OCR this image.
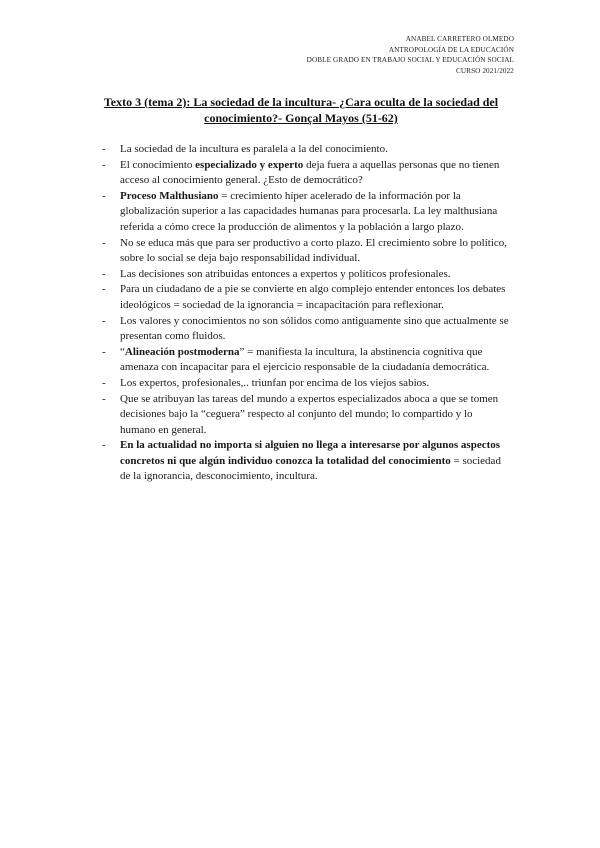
ANABEL CARRETERO OLMEDO
ANTROPOLOGÍA DE LA EDUCACIÓN
DOBLE GRADO EN TRABAJO SOCIAL Y EDUCACIÓN SOCIAL
CURSO 2021/2022
Texto 3 (tema 2): La sociedad de la incultura- ¿Cara oculta de la sociedad del conocimiento?- Gonçal Mayos (51-62)
- La sociedad de la incultura es paralela a la del conocimiento.
- El conocimiento especializado y experto deja fuera a aquellas personas que no tienen acceso al conocimiento general. ¿Esto de democrático?
- Proceso Malthusiano = crecimiento híper acelerado de la información por la globalización superior a las capacidades humanas para procesarla. La ley malthusiana referida a cómo crece la producción de alimentos y la población a largo plazo.
- No se educa más que para ser productivo a corto plazo. El crecimiento sobre lo político, sobre lo social se deja bajo responsabilidad individual.
- Las decisiones son atribuidas entonces a expertos y políticos profesionales.
- Para un ciudadano de a pie se convierte en algo complejo entender entonces los debates ideológicos = sociedad de la ignorancia = incapacitación para reflexionar.
- Los valores y conocimientos no son sólidos como antiguamente sino que actualmente se presentan como fluidos.
- “Alineación postmoderna” = manifiesta la incultura, la abstinencia cognitiva que amenaza con incapacitar para el ejercicio responsable de la ciudadanía democrática.
- Los expertos, profesionales,.. triunfan por encima de los viejos sabios.
- Que se atribuyan las tareas del mundo a expertos especializados aboca a que se tomen decisiones bajo la “ceguera” respecto al conjunto del mundo; lo compartido y lo humano en general.
- En la actualidad no importa si alguien no llega a interesarse por algunos aspectos concretos ni que algún individuo conozca la totalidad del conocimiento = sociedad de la ignorancia, desconocimiento, incultura.
